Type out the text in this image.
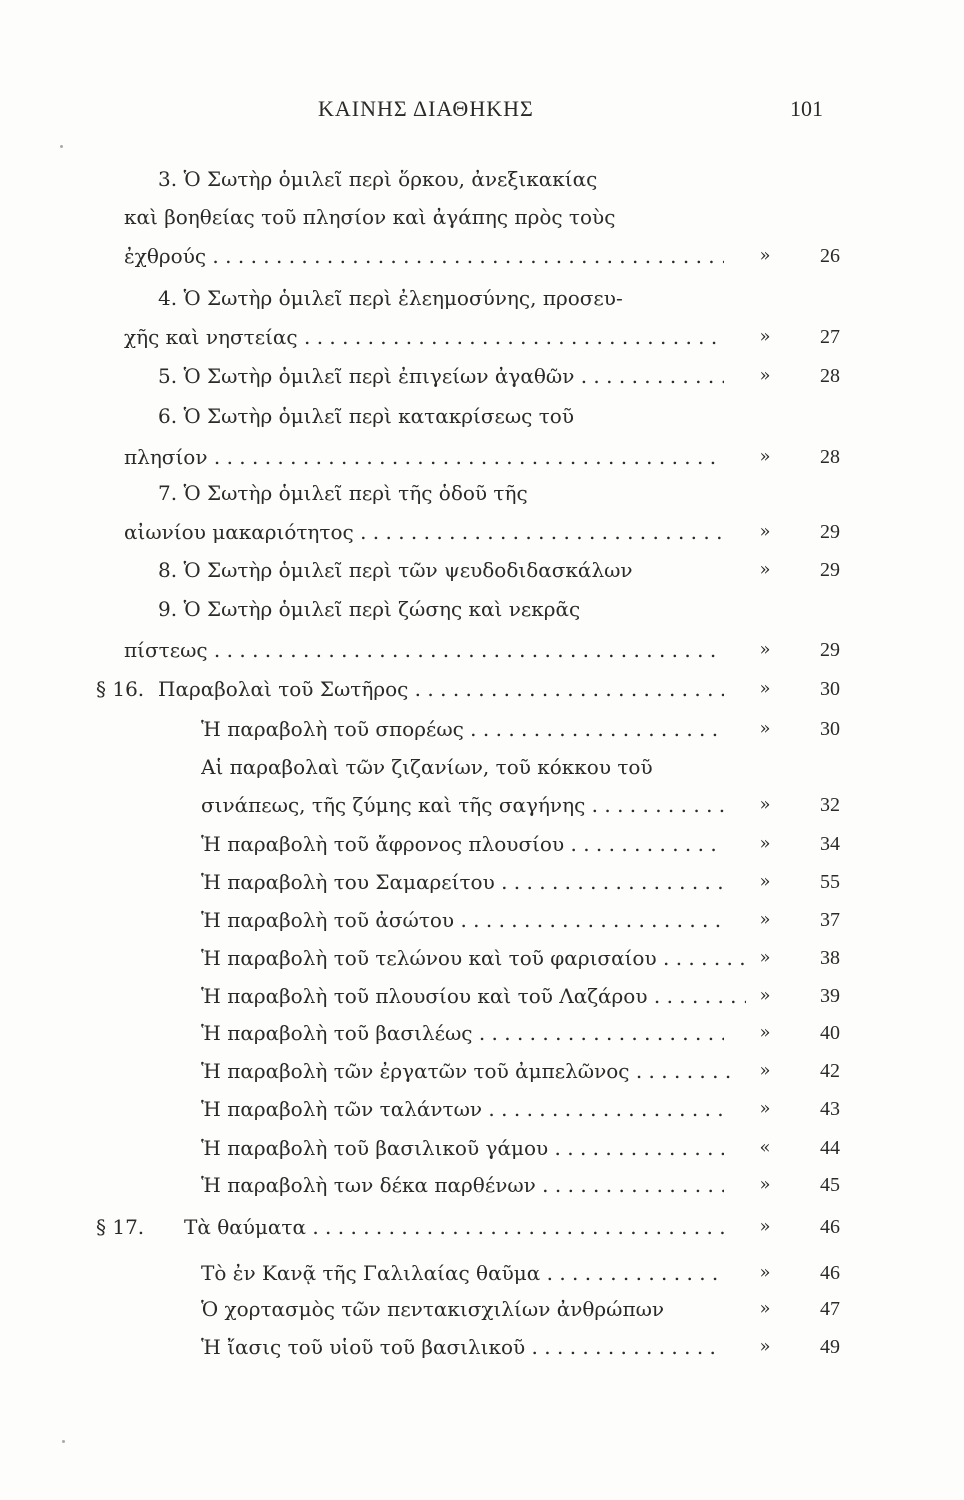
ΚΑΙΝΗΣ ΔΙΑΘΗΚΗΣ	101
3. Ὁ Σωτὴρ ὁμιλεῖ περὶ ὅρκου, ἀνεξικακίας
καὶ βοηθείας τοῦ πλησίον καὶ ἀγάπης πρὸς τοὺς
ἐχθρούς . . .	»	26
4. Ὁ Σωτὴρ ὁμιλεῖ περὶ ἐλεημοσύνης, προσευ-
χῆς καὶ νηστείας . . .	»	27
5. Ὁ Σωτὴρ ὁμιλεῖ περὶ ἐπιγείων ἀγαθῶν . . .	»	28
6. Ὁ Σωτὴρ ὁμιλεῖ περὶ κατακρίσεως τοῦ
πλησίον . . .	»	28
7. Ὁ Σωτὴρ ὁμιλεῖ περὶ τῆς ὁδοῦ τῆς
αἰωνίου μακαριότητος . . .	»	29
8. Ὁ Σωτὴρ ὁμιλεῖ περὶ τῶν ψευδοδιδασκάλων	»	29
9. Ὁ Σωτὴρ ὁμιλεῖ περὶ ζώσης καὶ νεκρᾶς
πίστεως . . .	»	29
§ 16. Παραβολαὶ τοῦ Σωτῆρος . . .	»	30
Ἡ παραβολὴ τοῦ σπορέως . . .	»	30
Αἱ παραβολαὶ τῶν ζιζανίων, τοῦ κόκκου τοῦ
σινάπεως, τῆς ζύμης καὶ τῆς σαγήνης . . .	»	32
Ἡ παραβολὴ τοῦ ἄφρονος πλουσίου . . .	»	34
Ἡ παραβολὴ του Σαμαρείτου . . .	»	55
Ἡ παραβολὴ τοῦ ἀσώτου . . .	»	37
Ἡ παραβολὴ τοῦ τελώνου καὶ τοῦ φαρισαίου . . .	»	38
Ἡ παραβολὴ τοῦ πλουσίου καὶ τοῦ Λαζάρου . . .	»	39
Ἡ παραβολὴ τοῦ βασιλέως . . .	»	40
Ἡ παραβολὴ τῶν ἐργατῶν τοῦ ἀμπελῶνος . . .	»	42
Ἡ παραβολὴ τῶν ταλάντων . . .	»	43
Ἡ παραβολὴ τοῦ βασιλικοῦ γάμου . . .	«	44
Ἡ παραβολὴ των δέκα παρθένων . . .	»	45
§ 17. Τὰ θαύματα . . .	»	46
Τὸ ἐν Κανᾷ τῆς Γαλιλαίας θαῦμα . . .	»	46
Ὁ χορτασμὸς τῶν πεντακισχιλίων ἀνθρώπων	»	47
Ἡ ἴασις τοῦ υἱοῦ τοῦ βασιλικοῦ . . .	»	49
